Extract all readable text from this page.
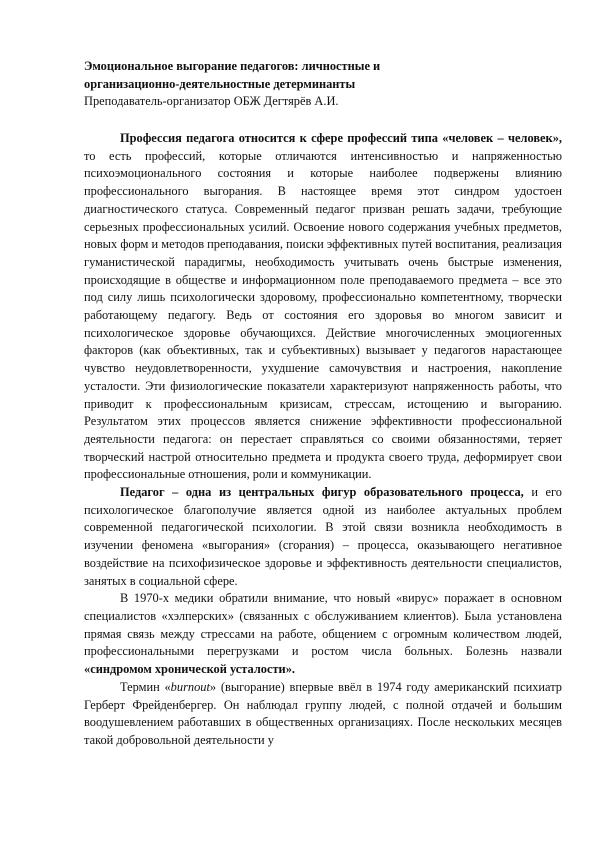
Эмоциональное выгорание педагогов: личностные и
организационно-деятельностные детерминанты
Преподаватель-организатор ОБЖ Дегтярёв А.И.

Профессия педагога относится к сфере профессий типа «человек – человек», то есть профессий, которые отличаются интенсивностью и напряженностью психоэмоционального состояния и которые наиболее подвержены влиянию профессионального выгорания. В настоящее время этот синдром удостоен диагностического статуса. Современный педагог призван решать задачи, требующие серьезных профессиональных усилий. Освоение нового содержания учебных предметов, новых форм и методов преподавания, поиски эффективных путей воспитания, реализация гуманистической парадигмы, необходимость учитывать очень быстрые изменения, происходящие в обществе и информационном поле преподаваемого предмета – все это под силу лишь психологически здоровому, профессионально компетентному, творчески работающему педагогу. Ведь от состояния его здоровья во многом зависит и психологическое здоровье обучающихся. Действие многочисленных эмоциогенных факторов (как объективных, так и субъективных) вызывает у педагогов нарастающее чувство неудовлетворенности, ухудшение самочувствия и настроения, накопление усталости. Эти физиологические показатели характеризуют напряженность работы, что приводит к профессиональным кризисам, стрессам, истощению и выгоранию. Результатом этих процессов является снижение эффективности профессиональной деятельности педагога: он перестает справляться со своими обязанностями, теряет творческий настрой относительно предмета и продукта своего труда, деформирует свои профессиональные отношения, роли и коммуникации.

Педагог – одна из центральных фигур образовательного процесса, и его психологическое благополучие является одной из наиболее актуальных проблем современной педагогической психологии. В этой связи возникла необходимость в изучении феномена «выгорания» (сгорания) – процесса, оказывающего негативное воздействие на психофизическое здоровье и эффективность деятельности специалистов, занятых в социальной сфере.

В 1970-х медики обратили внимание, что новый «вирус» поражает в основном специалистов «хэлперских» (связанных с обслуживанием клиентов). Была установлена прямая связь между стрессами на работе, общением с огромным количеством людей, профессиональными перегрузками и ростом числа больных. Болезнь назвали «синдромом хронической усталости».

Термин «burnout» (выгорание) впервые ввёл в 1974 году американский психиатр Герберт Фрейденбергер. Он наблюдал группу людей, с полной отдачей и большим воодушевлением работавших в общественных организациях. После нескольких месяцев такой добровольной деятельности у
